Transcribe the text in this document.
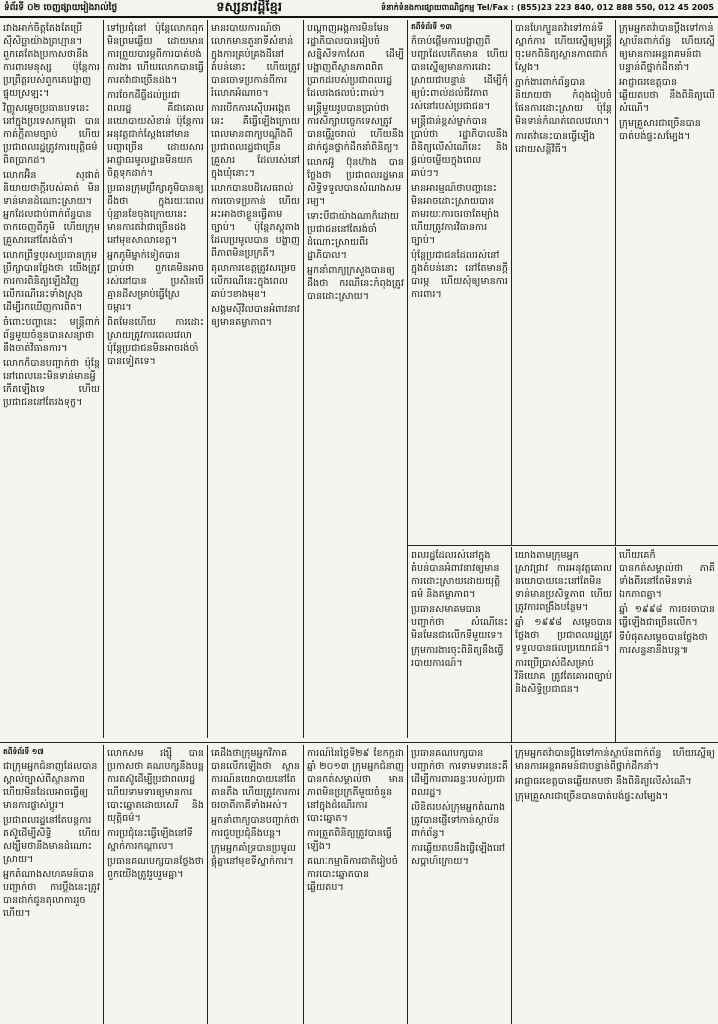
ទំព័រទី ០២ ចេញផ្សាយរៀងរាល់ថ្ងៃ	ទស្សនាវដ្តីខ្មែរ	ទំនាក់ទំនងការផ្សាយពាណិជ្ជកម្ម Tel/Fax : (855)23 223 840, 012 888 550, 012 45 2005

រវាងអាក់ចិត្តតែងតែប្រើស៊ីសិច្ឆាយ៉ាងព្រហ្មាន។ ពួកគេតែងប្រកាសថានឹងការពារមនុស្ស ប៉ុន្តែការប្រព្រឹត្តរបស់ពួកគេបង្ហាញផ្ទុយស្រឡះ។

វិញ្ញូសម្តេចប្រធានបទនេះ នៅក្នុងប្រទេសកម្ពុជា បានកាត់ក្តីតាមច្បាប់ ហើយប្រជាពលរដ្ឋត្រូវការយុត្តិធម៌ពិតប្រាកដ។

លោកអ៊ិន សុផាត់ និយាយថាក្តីរបស់គាត់ មិនទាន់មានដំណោះស្រាយ។ អ្នកដែលជាប់ពាក់ព័ន្ធបានចាកចេញពីភូមិ ហើយក្រុមគ្រួសារនៅតែរង់ចាំ។

លោកព្រឹទ្ធបុរសប្រធានក្រុមប្រឹក្សាបានថ្លែងថា យើងត្រូវការការពិនិត្យឡើងវិញលើករណីនេះទាំងស្រុង ដើម្បីរកឃើញការពិត។

ចំពោះបញ្ហានេះ មន្ត្រីពាក់ព័ន្ធមួយចំនួនបានសន្យាថានឹងចាត់វិធានការ។

លោកក៏បានបញ្ជាក់ថា ប៉ុន្តែ នៅពេលនេះមិនទាន់មានអ្វីកើតឡើងទេ ហើយប្រជាជននៅតែរងទុក្ខ។

ទៅប្រជុំនៅ ប៉ុន្តែលោកពុក មិនព្រមឆ្លើយ ដោយមានការព្រួយបារម្ភពីការបាត់បង់ការងារ ហើយលោកបានធ្វើការតវ៉ាជាច្រើនដង។

ការចែកដីធ្លីដល់ប្រជាពលរដ្ឋ គឺជាគោលនយោបាយសំខាន់ ប៉ុន្តែការអនុវត្តជាក់ស្តែងនៅមានបញ្ហាច្រើន ដោយសារអាជ្ញាធរមូលដ្ឋានមិនយកចិត្តទុកដាក់។

ប្រធានក្រុមប្រឹក្សាភូមិបានឲ្យដឹងថា ក្នុងរយៈពេលប៉ុន្មានខែចុងក្រោយនេះ មានការតវ៉ាជាច្រើនដងនៅមុខសាលាខេត្ត។

អ្នកភូមិម្នាក់ទៀតបានប្រាប់ថា ពួកគេមិនអាចរស់នៅបាន ប្រសិនបើគ្មានដីសម្រាប់ធ្វើស្រែចម្ការ។

ពិតមែនហើយ ការដោះស្រាយត្រូវការពេលវេលា ប៉ុន្តែប្រជាជនមិនអាចរង់ចាំបានទៀតទេ។

មានរបាយការណ៍ថា លោកមានតួនាទីសំខាន់ក្នុងការគ្រប់គ្រងដីនៅតំបន់នោះ ហើយត្រូវបានចោទប្រកាន់ពីការរំលោភអំណាច។

ការបើកការស៊ើបអង្កេតនេះ គឺធ្វើឡើងក្រោយពេលមានពាក្យបណ្តឹងពីប្រជាពលរដ្ឋជាច្រើនគ្រួសារ ដែលរស់នៅក្នុងឃុំនោះ។

លោកបានបដិសេធរាល់ការចោទប្រកាន់ ហើយអះអាងថាខ្លួនធ្វើតាមច្បាប់។ ប៉ុន្តែភស្តុតាងដែលប្រមូលបាន បង្ហាញពីភាពមិនប្រក្រតី។

តុលាការខេត្តត្រូវសម្រេចលើករណីនេះក្នុងពេលឆាប់ៗខាងមុខ។

សង្គមស៊ីវិលបានអំពាវនាវឲ្យមានតម្លាភាព។

បណ្តាញអង្គការមិនមែនរដ្ឋាភិបាលបានរៀបចំសន្និសីទកាសែត ដើម្បីបង្ហាញពីស្ថានភាពពិតប្រាកដរបស់ប្រជាពលរដ្ឋដែលរងផលប៉ះពាល់។

មន្ត្រីមួយរូបបានប្រាប់ថា ការសិក្សាបច្ចេកទេសត្រូវបានធ្វើរួចរាល់ ហើយនឹងដាក់ជូនថ្នាក់ដឹកនាំពិនិត្យ។

លោកអ៊ូ ប៊ុនហ៊ាង បានថ្លែងថា ប្រជាពលរដ្ឋមានសិទ្ធិទទួលបានសំណងសមរម្យ។

ទោះបីជាយ៉ាងណាក៏ដោយ ប្រជាជននៅតែរង់ចាំដំណោះស្រាយពីរដ្ឋាភិបាល។

អ្នកនាំពាក្យក្រសួងបានឲ្យដឹងថា ករណីនេះកំពុងត្រូវបានដោះស្រាយ។

តពីទំព័រទី ១៣

ក៏ចាប់ផ្តើមការបង្ហាញពីបញ្ហាដែលកើតមាន ហើយបានស្នើឲ្យមានការដោះស្រាយជាបន្ទាន់ ដើម្បីកុំឲ្យប៉ះពាល់ដល់ជីវភាពរស់នៅរបស់ប្រជាជន។

មន្ត្រីជាន់ខ្ពស់ម្នាក់បានប្រាប់ថា រដ្ឋាភិបាលនឹងពិនិត្យលើសំណើនេះ និងផ្តល់ចម្លើយក្នុងពេលឆាប់ៗ។

មានអារម្មណ៍ថាបញ្ហានេះមិនអាចដោះស្រាយបានតាមរយៈការចរចាតែម្យ៉ាង ហើយត្រូវការវិធានការច្បាប់។

ប៉ុន្តែប្រជាជនដែលរស់នៅក្នុងតំបន់នោះ នៅតែមានក្តីបារម្ភ ហើយសុំឲ្យមានការការពារ។

បានហែក្បួនតវ៉ាទៅកាន់ទីស្នាក់ការ ហើយស្នើឲ្យមន្ត្រីចុះមកពិនិត្យស្ថានភាពជាក់ស្តែង។

ភ្នាក់ងារពាក់ព័ន្ធបាននិយាយថា កំពុងរៀបចំផែនការដោះស្រាយ ប៉ុន្តែមិនទាន់កំណត់ពេលវេលា។

ការតវ៉ានេះបានធ្វើឡើងដោយសន្តិវិធី។

ក្រុមអ្នកតវ៉ាបានប្តឹងទៅកាន់ស្ថាប័នពាក់ព័ន្ធ ហើយស្នើឲ្យមានការអន្តរាគមន៍ជាបន្ទាន់ពីថ្នាក់ដឹកនាំ។

អាជ្ញាធរខេត្តបានឆ្លើយតបថា នឹងពិនិត្យលើសំណើ។

ក្រុមគ្រួសារជាច្រើនបានបាត់បង់ផ្ទះសម្បែង។

ពលរដ្ឋដែលរស់នៅក្នុងតំបន់បានអំពាវនាវឲ្យមានការដោះស្រាយដោយយុត្តិធម៌ និងតម្លាភាព។

ប្រធានសមាគមបានបញ្ជាក់ថា សំណើនេះមិនមែនជាលើកទីមួយទេ។

ក្រុមការងារចុះពិនិត្យនឹងធ្វើរបាយការណ៍។

យោងតាមក្រុមអ្នកស្រាវជ្រាវ ការអនុវត្តគោលនយោបាយនេះនៅតែមិនទាន់មានប្រសិទ្ធភាព ហើយត្រូវការពង្រឹងបន្ថែម។

ឆ្នាំ ១៩៩៨ សម្តេចបានថ្លែងថា ប្រជាពលរដ្ឋត្រូវទទួលបានផលប្រយោជន៍។

ការប្រើប្រាស់ដីសម្រាប់វិនិយោគ ត្រូវតែគោរពច្បាប់ និងសិទ្ធិប្រជាជន។

ហើយគេក៏បានកត់សម្គាល់ថា ភាគីទាំងពីរនៅតែមិនទាន់ឯកភាពគ្នា។

ឆ្នាំ ១៩៩៨ ការចរចាបានធ្វើឡើងជាច្រើនលើក។

ទីបំផុតសម្តេចបានថ្លែងថា ការសន្ទនានឹងបន្ត៕

តពីទំព័រទី ១៧

ជាក្រុមអ្នកជំនាញដែលបានស្គាល់ច្បាស់ពីស្ថានភាព ហើយមិនដែលអាចធ្វើឲ្យមានការផ្លាស់ប្តូរ។

ប្រជាពលរដ្ឋនៅតែបន្តការតស៊ូដើម្បីសិទ្ធិ ហើយសង្ឃឹមថានឹងមានដំណោះស្រាយ។

អ្នកតំណាងសហគមន៍បានបញ្ជាក់ថា ការប្តឹងនេះត្រូវបានដាក់ជូនតុលាការរួចហើយ។

លោកសម រង្ស៊ី បានប្រកាសថា គណបក្សនឹងបន្តការតស៊ូដើម្បីប្រជាពលរដ្ឋ ហើយទាមទារឲ្យមានការបោះឆ្នោតដោយសេរី និងយុត្តិធម៌។

ការប្រជុំនេះធ្វើឡើងនៅទីស្នាក់ការកណ្តាល។

ប្រធានគណបក្សបានថ្លែងថា ពួកយើងត្រូវរួបរួមគ្នា។

គេដឹងថាក្រុមអ្នកវិភាគបានលើកឡើងថា ស្ថានការណ៍នយោបាយនៅតែតានតឹង ហើយត្រូវការការចរចាពីភាគីទាំងអស់។

អ្នកនាំពាក្យបានបញ្ជាក់ថា ការជួបប្រជុំនឹងបន្ត។

ក្រុមអ្នកគាំទ្របានប្រមូលផ្តុំគ្នានៅមុខទីស្នាក់ការ។

ការណ៍នៃថ្ងៃទី២៩ ខែកក្កដា ឆ្នាំ ២០១៣ ក្រុមអ្នកជំនាញបានកត់សម្គាល់ថា មានភាពមិនប្រក្រតីមួយចំនួននៅក្នុងដំណើរការបោះឆ្នោត។

ការត្រួតពិនិត្យត្រូវបានធ្វើឡើង។

គណៈកម្មាធិការជាតិរៀបចំការបោះឆ្នោតបានឆ្លើយតប។

ប្រធានគណបក្សបានបញ្ជាក់ថា ការទាមទារនេះគឺដើម្បីការពារឆន្ទៈរបស់ប្រជាពលរដ្ឋ។

លិខិតរបស់ក្រុមអ្នកតំណាងត្រូវបានផ្ញើទៅកាន់ស្ថាប័នពាក់ព័ន្ធ។

ការឆ្លើយតបនឹងធ្វើឡើងនៅសប្តាហ៍ក្រោយ។

ក្រុមអ្នកតវ៉ាបានប្តឹងទៅកាន់ស្ថាប័នពាក់ព័ន្ធ ហើយស្នើឲ្យមានការអន្តរាគមន៍ជាបន្ទាន់ពីថ្នាក់ដឹកនាំ។

អាជ្ញាធរខេត្តបានឆ្លើយតបថា នឹងពិនិត្យលើសំណើ។

ក្រុមគ្រួសារជាច្រើនបានបាត់បង់ផ្ទះសម្បែង។
